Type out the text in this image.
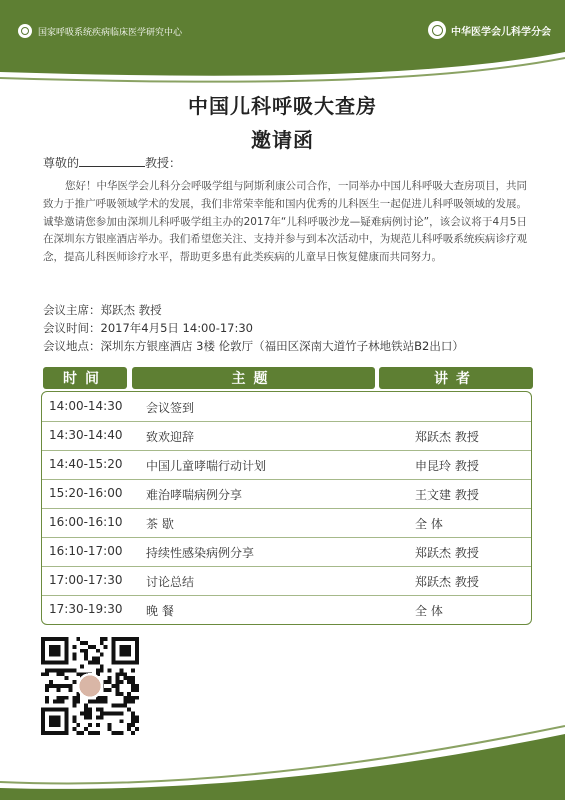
国家呼吸系统疾病临床医学研究中心	中华医学会儿科学分会
中国儿科呼吸大查房
邀请函
尊敬的	教授：
您好！中华医学会儿科分会呼吸学组与阿斯利康公司合作，一同举办中国儿科呼吸大查房项目，共同致力于推广呼吸领域学术的发展，我们非常荣幸能和国内优秀的儿科医生一起促进儿科呼吸领域的发展。诚挚邀请您参加由深圳儿科呼吸学组主办的2017年“儿科呼吸沙龙—疑难病例讨论”，该会议将于4月5日在深圳东方银座酒店举办。我们希望您关注、支持并参与到本次活动中，为规范儿科呼吸系统疾病诊疗观念，提高儿科医师诊疗水平，帮助更多患有此类疾病的儿童早日恢复健康而共同努力。
会议主席：郑跃杰 教授
会议时间：2017年4月5日 14:00-17:30
会议地点：深圳东方银座酒店 3楼 伦敦厅（福田区深南大道竹子林地铁站B2出口）
时间	主题	讲者
14:00-14:30 会议签到
14:30-14:40 致欢迎辞	郑跃杰 教授
14:40-15:20 中国儿童哮喘行动计划	申昆玲 教授
15:20-16:00 难治哮喘病例分享	王文建 教授
16:00-16:10 茶 歇	全 体
16:10-17:00 持续性感染病例分享	郑跃杰 教授
17:00-17:30 讨论总结	郑跃杰 教授
17:30-19:30 晚 餐	全 体
